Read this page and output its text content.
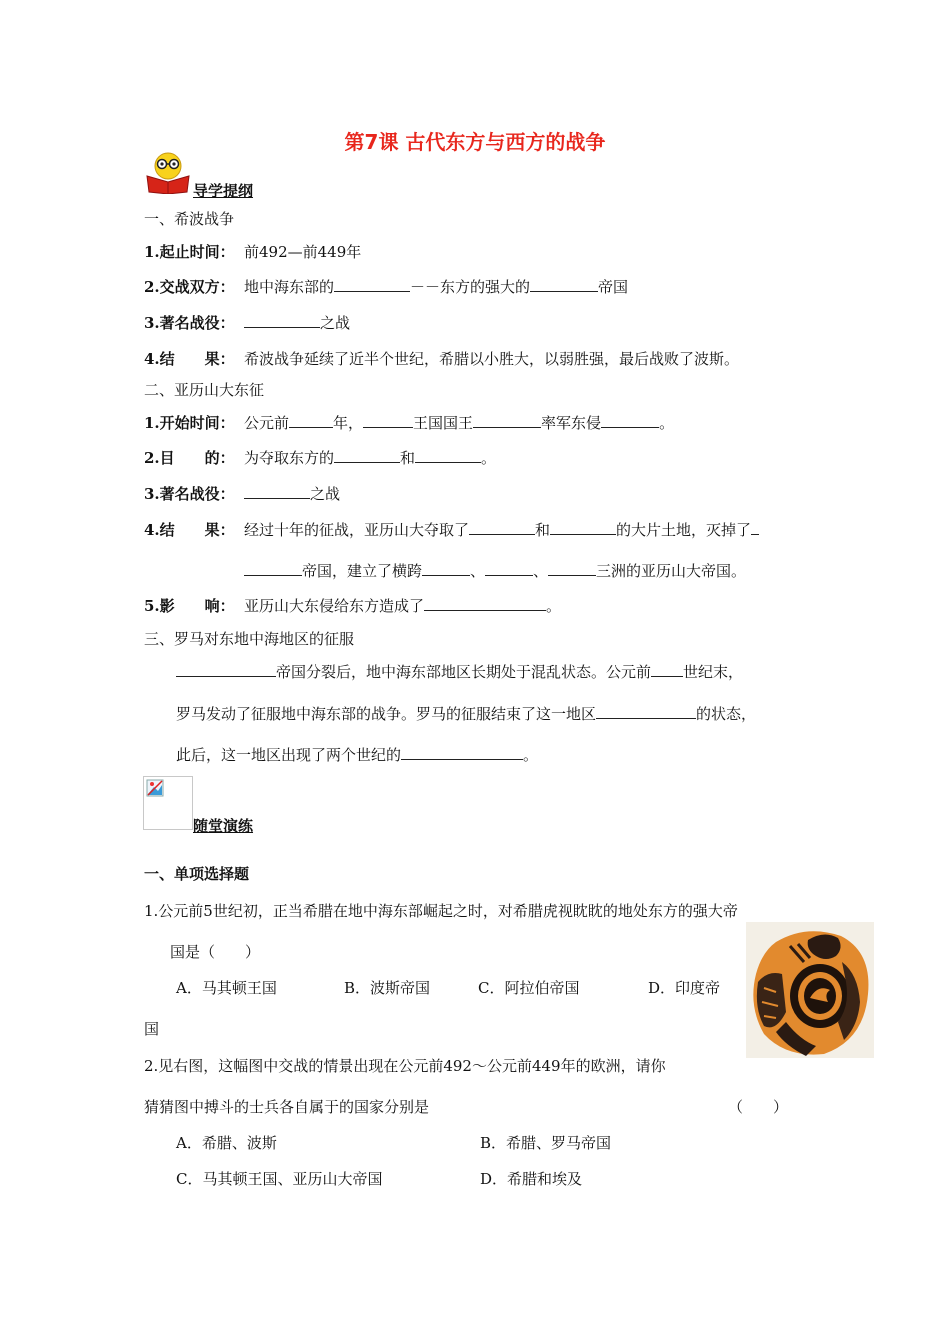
第7课 古代东方与西方的战争
导学提纲
一、希波战争
1.起止时间： 前492—前449年
2.交战双方： 地中海东部的	－－东方的强大的	帝国
3.著名战役：	之战
4.结　　果： 希波战争延续了近半个世纪，希腊以小胜大，以弱胜强，最后战败了波斯。
二、亚历山大东征
1.开始时间： 公元前	年，	王国国王	率军东侵	。
2.目　　的： 为夺取东方的	和	。
3.著名战役：	之战
4.结　　果： 经过十年的征战，亚历山大夺取了	和	的大片土地，灭掉了
帝国，建立了横跨	、	、	三洲的亚历山大帝国。
5.影　　响： 亚历山大东侵给东方造成了	。
三、罗马对东地中海地区的征服
帝国分裂后，地中海东部地区长期处于混乱状态。公元前 世纪末，
罗马发动了征服地中海东部的战争。罗马的征服结束了这一地区	的状态，
此后，这一地区出现了两个世纪的	。
随堂演练
一、单项选择题
1.公元前5世纪初，正当希腊在地中海东部崛起之时，对希腊虎视眈眈的地处东方的强大帝
国是（　　）
A．马其顿王国	B．波斯帝国	C．阿拉伯帝国	D．印度帝
国
2.见右图，这幅图中交战的情景出现在公元前492～公元前449年的欧洲，请你
猜猜图中搏斗的士兵各自属于的国家分别是	（　　）
A．希腊、波斯	B．希腊、罗马帝国
C．马其顿王国、亚历山大帝国	D．希腊和埃及
